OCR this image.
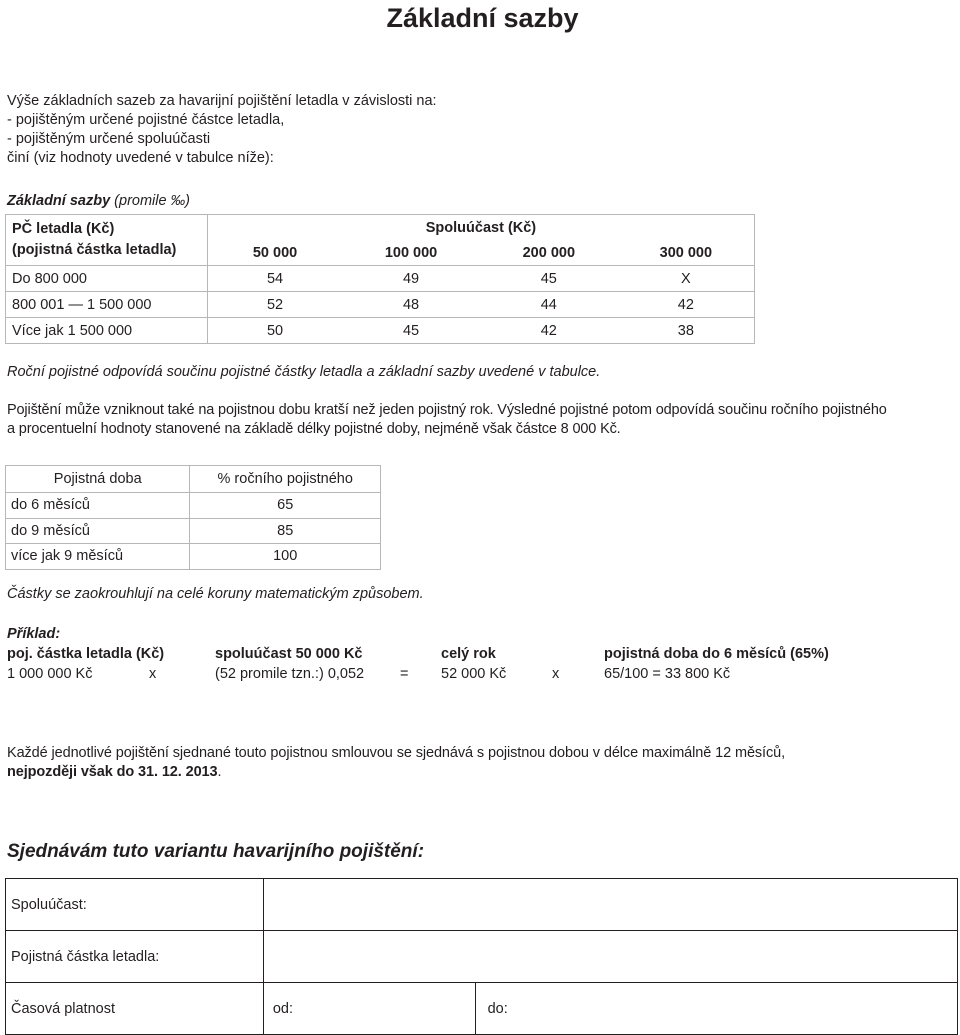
Základní sazby
Výše základních sazeb za havarijní pojištění letadla v závislosti na:
- pojištěným určené pojistné částce letadla,
- pojištěným určené spoluúčasti
činí (viz hodnoty uvedené v tabulce níže):
Základní sazby (promile ‰)
PČ letadla (Kč)
(pojistná částka letadla)	Spoluúčast (Kč)			
	50 000	100 000	200 000	300 000
Do 800 000	54	49	45	X
800 001 — 1 500 000	52	48	44	42
Více jak 1 500 000	50	45	42	38
Roční pojistné odpovídá součinu pojistné částky letadla a základní sazby uvedené v tabulce.
Pojištění může vzniknout také na pojistnou dobu kratší než jeden pojistný rok. Výsledné pojistné potom odpovídá součinu ročního pojistného
a procentuelní hodnoty stanovené na základě délky pojistné doby, nejméně však částce 8 000 Kč.
Pojistná doba	% ročního pojistného
do 6 měsíců	65
do 9 měsíců	85
více jak 9 měsíců	100
Částky se zaokrouhlují na celé koruny matematickým způsobem.
Příklad:
poj. částka letadla (Kč)	spoluúčast 50 000 Kč	celý rok	pojistná doba do 6 měsíců (65%)
1 000 000 Kč	x	(52 promile tzn.:) 0,052 = 52 000 Kč	x	65/100 = 33 800 Kč
Každé jednotlivé pojištění sjednané touto pojistnou smlouvou se sjednává s pojistnou dobou v délce maximálně 12 měsíců,
nejpozději však do 31. 12. 2013.
Sjednávám tuto variantu havarijního pojištění:
Spoluúčast:		
Pojistná částka letadla:		
Časová platnost	od:	do:
